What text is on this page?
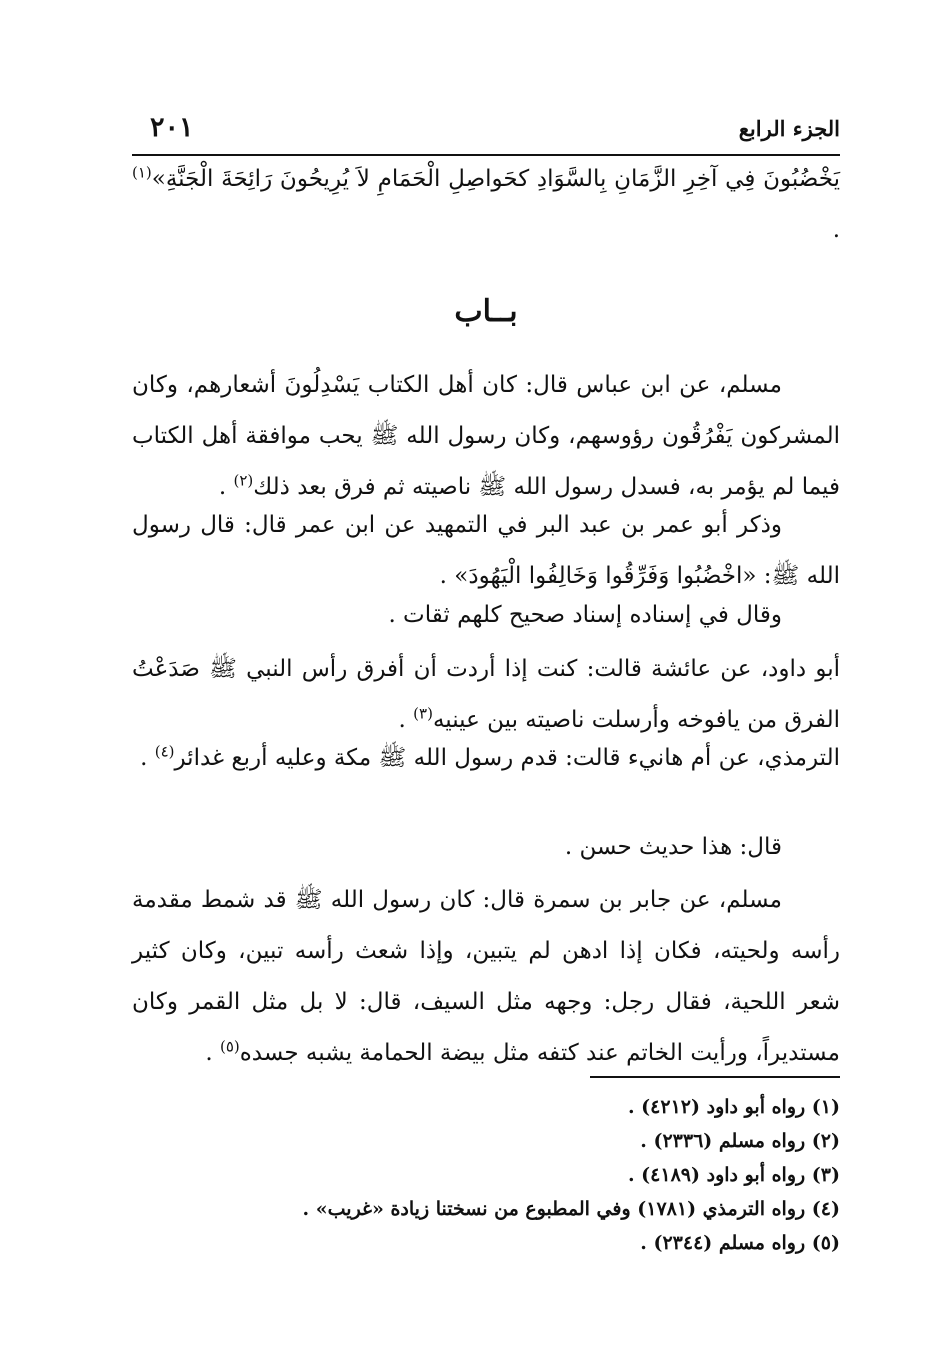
الجزء الرابع
٢٠١
يَخْضُبُونَ فِي آخِرِ الزَّمَانِ بِالسَّوَادِ كحَواصِلِ الْحَمَامِ لاَ يُرِيحُونَ رَائِحَةَ الْجَنَّةِ»$^{(١)}$ .
بــاب
مسلم، عن ابن عباس قال: كان أهل الكتاب يَسْدِلُونَ أشعارهم، وكان المشركون يَفْرُقُون رؤوسهم، وكان رسول الله ﷺ يحب موافقة أهل الكتاب فيما لم يؤمر به، فسدل رسول الله ﷺ ناصيته ثم فرق بعد ذلك$^{(٢)}$ .
وذكر أبو عمر بن عبد البر في التمهيد عن ابن عمر قال: قال رسول الله ﷺ: «اخْضُبُوا وَفَرِّقُوا وَخَالِفُوا الْيَهُودَ» .
وقال في إسناده إسناد صحيح كلهم ثقات .
أبو داود، عن عائشة قالت: كنت إذا أردت أن أفرق رأس النبي ﷺ صَدَعْتُ الفرق من يافوخه وأرسلت ناصيته بين عينيه$^{(٣)}$ .
الترمذي، عن أم هانيء قالت: قدم رسول الله ﷺ مكة وعليه أربع غدائر$^{(٤)}$ .
قال: هذا حديث حسن .
مسلم، عن جابر بن سمرة قال: كان رسول الله ﷺ قد شمط مقدمة رأسه ولحيته، فكان إذا ادهن لم يتبين، وإذا شعث رأسه تبين، وكان كثير شعر اللحية، فقال رجل: وجهه مثل السيف، قال: لا بل مثل القمر وكان مستديراً، ورأيت الخاتم عند كتفه مثل بيضة الحمامة يشبه جسده$^{(٥)}$ .
(١) رواه أبو داود (٤٢١٢) .
(٢) رواه مسلم (٢٣٣٦) .
(٣) رواه أبو داود (٤١٨٩) .
(٤) رواه الترمذي (١٧٨١) وفي المطبوع من نسختنا زيادة «غريب» .
(٥) رواه مسلم (٢٣٤٤) .
